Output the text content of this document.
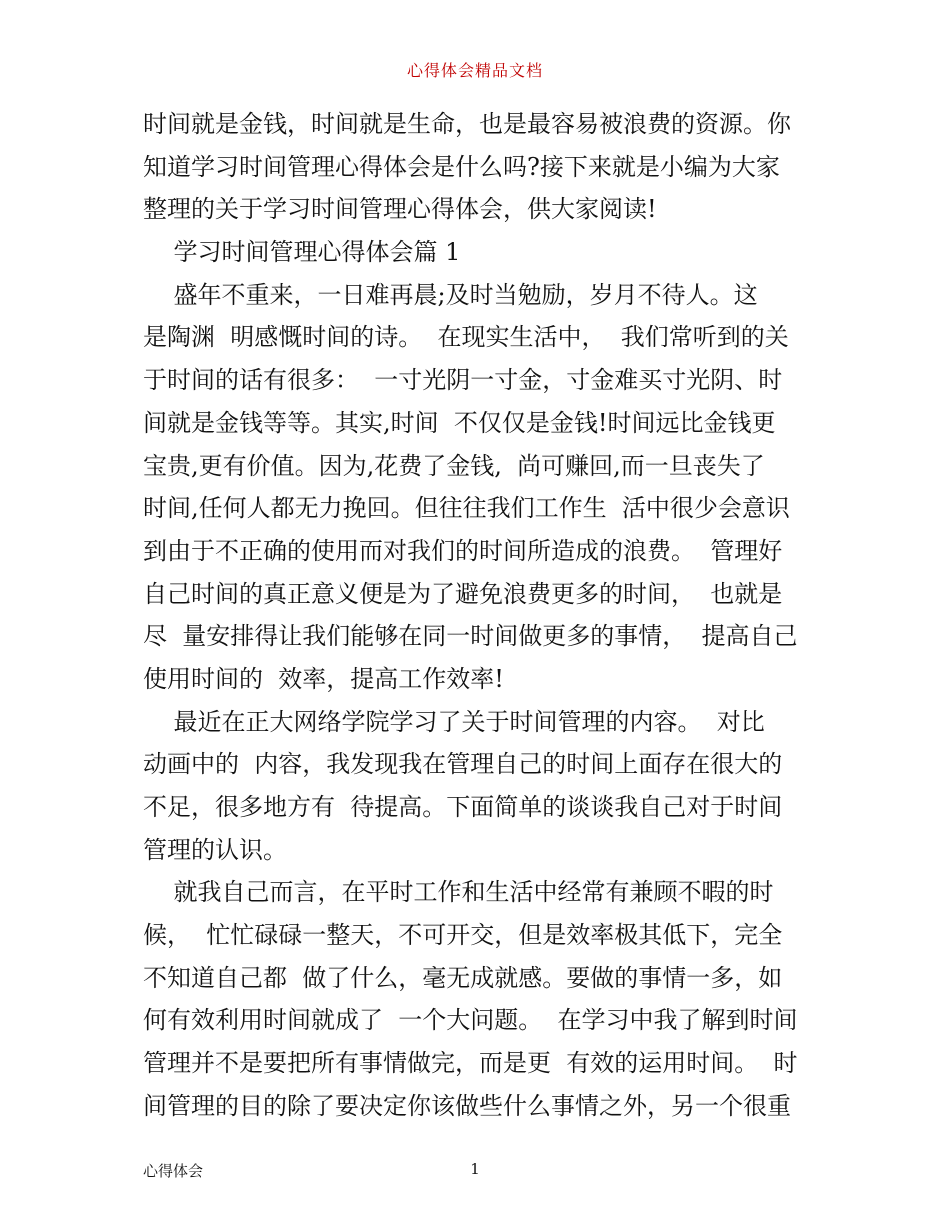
心得体会精品文档
时间就是金钱，时间就是生命，也是最容易被浪费的资源。你
知道学习时间管理心得体会是什么吗?接下来就是小编为大家
整理的关于学习时间管理心得体会，供大家阅读!
学习时间管理心得体会篇 1
盛年不重来，一日难再晨;及时当勉励，岁月不待人。这
是陶渊  明感慨时间的诗。  在现实生活中，  我们常听到的关
于时间的话有很多：  一寸光阴一寸金，寸金难买寸光阴、时
间就是金钱等等。其实,时间  不仅仅是金钱!时间远比金钱更
宝贵,更有价值。因为,花费了金钱,  尚可赚回,而一旦丧失了
时间,任何人都无力挽回。但往往我们工作生  活中很少会意识
到由于不正确的使用而对我们的时间所造成的浪费。  管理好
自己时间的真正意义便是为了避免浪费更多的时间，  也就是
尽  量安排得让我们能够在同一时间做更多的事情，  提高自己
使用时间的  效率，提高工作效率!
最近在正大网络学院学习了关于时间管理的内容。  对比
动画中的  内容，我发现我在管理自己的时间上面存在很大的
不足，很多地方有  待提高。下面简单的谈谈我自己对于时间
管理的认识。
就我自己而言，在平时工作和生活中经常有兼顾不暇的时
候，  忙忙碌碌一整天，不可开交，但是效率极其低下，完全
不知道自己都  做了什么，毫无成就感。要做的事情一多，如
何有效利用时间就成了  一个大问题。  在学习中我了解到时间
管理并不是要把所有事情做完，而是更  有效的运用时间。  时
间管理的目的除了要决定你该做些什么事情之外，另一个很重
心得体会	1
